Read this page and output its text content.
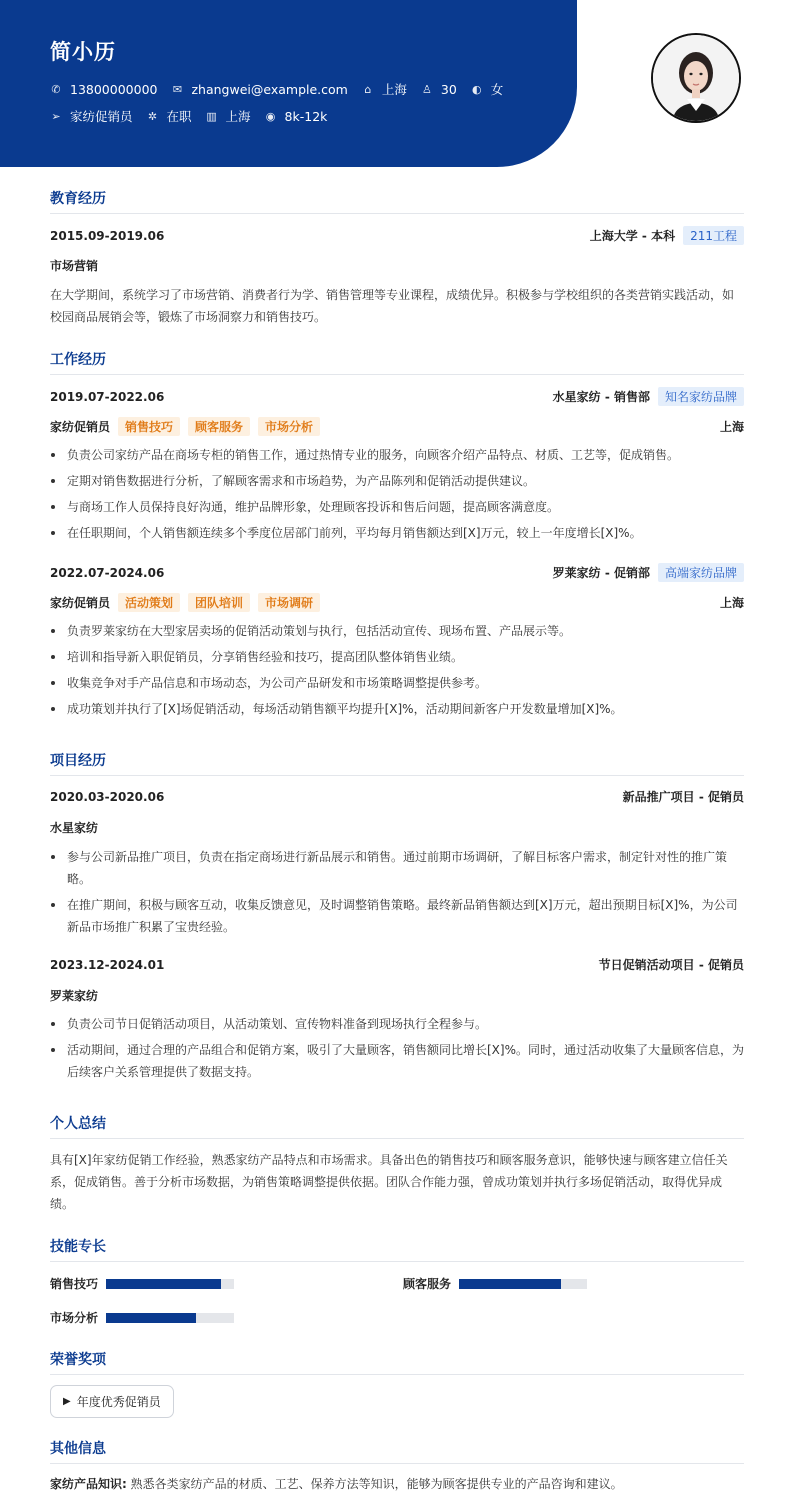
简小历
✆ 13800000000 ✉ zhangwei@example.com ⌂ 上海 ♙ 30 ◐ 女
➢ 家纺促销员 ✲ 在职 ▥ 上海 ◉ 8k-12k
教育经历
2015.09-2019.06	上海大学 - 本科	211工程
市场营销
在大学期间，系统学习了市场营销、消费者行为学、销售管理等专业课程，成绩优异。积极参与学校组织的各类营销实践活动，如校园商品展销会等，锻炼了市场洞察力和销售技巧。
工作经历
2019.07-2022.06	水星家纺 - 销售部	知名家纺品牌
家纺促销员	销售技巧	顾客服务	市场分析	上海
负责公司家纺产品在商场专柜的销售工作，通过热情专业的服务，向顾客介绍产品特点、材质、工艺等，促成销售。
定期对销售数据进行分析，了解顾客需求和市场趋势，为产品陈列和促销活动提供建议。
与商场工作人员保持良好沟通，维护品牌形象，处理顾客投诉和售后问题，提高顾客满意度。
在任职期间，个人销售额连续多个季度位居部门前列，平均每月销售额达到[X]万元，较上一年度增长[X]%。
2022.07-2024.06	罗莱家纺 - 促销部	高端家纺品牌
家纺促销员	活动策划	团队培训	市场调研	上海
负责罗莱家纺在大型家居卖场的促销活动策划与执行，包括活动宣传、现场布置、产品展示等。
培训和指导新入职促销员，分享销售经验和技巧，提高团队整体销售业绩。
收集竞争对手产品信息和市场动态，为公司产品研发和市场策略调整提供参考。
成功策划并执行了[X]场促销活动，每场活动销售额平均提升[X]%，活动期间新客户开发数量增加[X]%。
项目经历
2020.03-2020.06	新品推广项目 - 促销员
水星家纺
参与公司新品推广项目，负责在指定商场进行新品展示和销售。通过前期市场调研，了解目标客户需求，制定针对性的推广策略。
在推广期间，积极与顾客互动，收集反馈意见，及时调整销售策略。最终新品销售额达到[X]万元，超出预期目标[X]%，为公司新品市场推广积累了宝贵经验。
2023.12-2024.01	节日促销活动项目 - 促销员
罗莱家纺
负责公司节日促销活动项目，从活动策划、宣传物料准备到现场执行全程参与。
活动期间，通过合理的产品组合和促销方案，吸引了大量顾客，销售额同比增长[X]%。同时，通过活动收集了大量顾客信息，为后续客户关系管理提供了数据支持。
个人总结
具有[X]年家纺促销工作经验，熟悉家纺产品特点和市场需求。具备出色的销售技巧和顾客服务意识，能够快速与顾客建立信任关系，促成销售。善于分析市场数据，为销售策略调整提供依据。团队合作能力强，曾成功策划并执行多场促销活动，取得优异成绩。
技能专长
销售技巧	顾客服务
市场分析
荣誉奖项
▶ 年度优秀促销员
其他信息
家纺产品知识: 熟悉各类家纺产品的材质、工艺、保养方法等知识，能够为顾客提供专业的产品咨询和建议。
